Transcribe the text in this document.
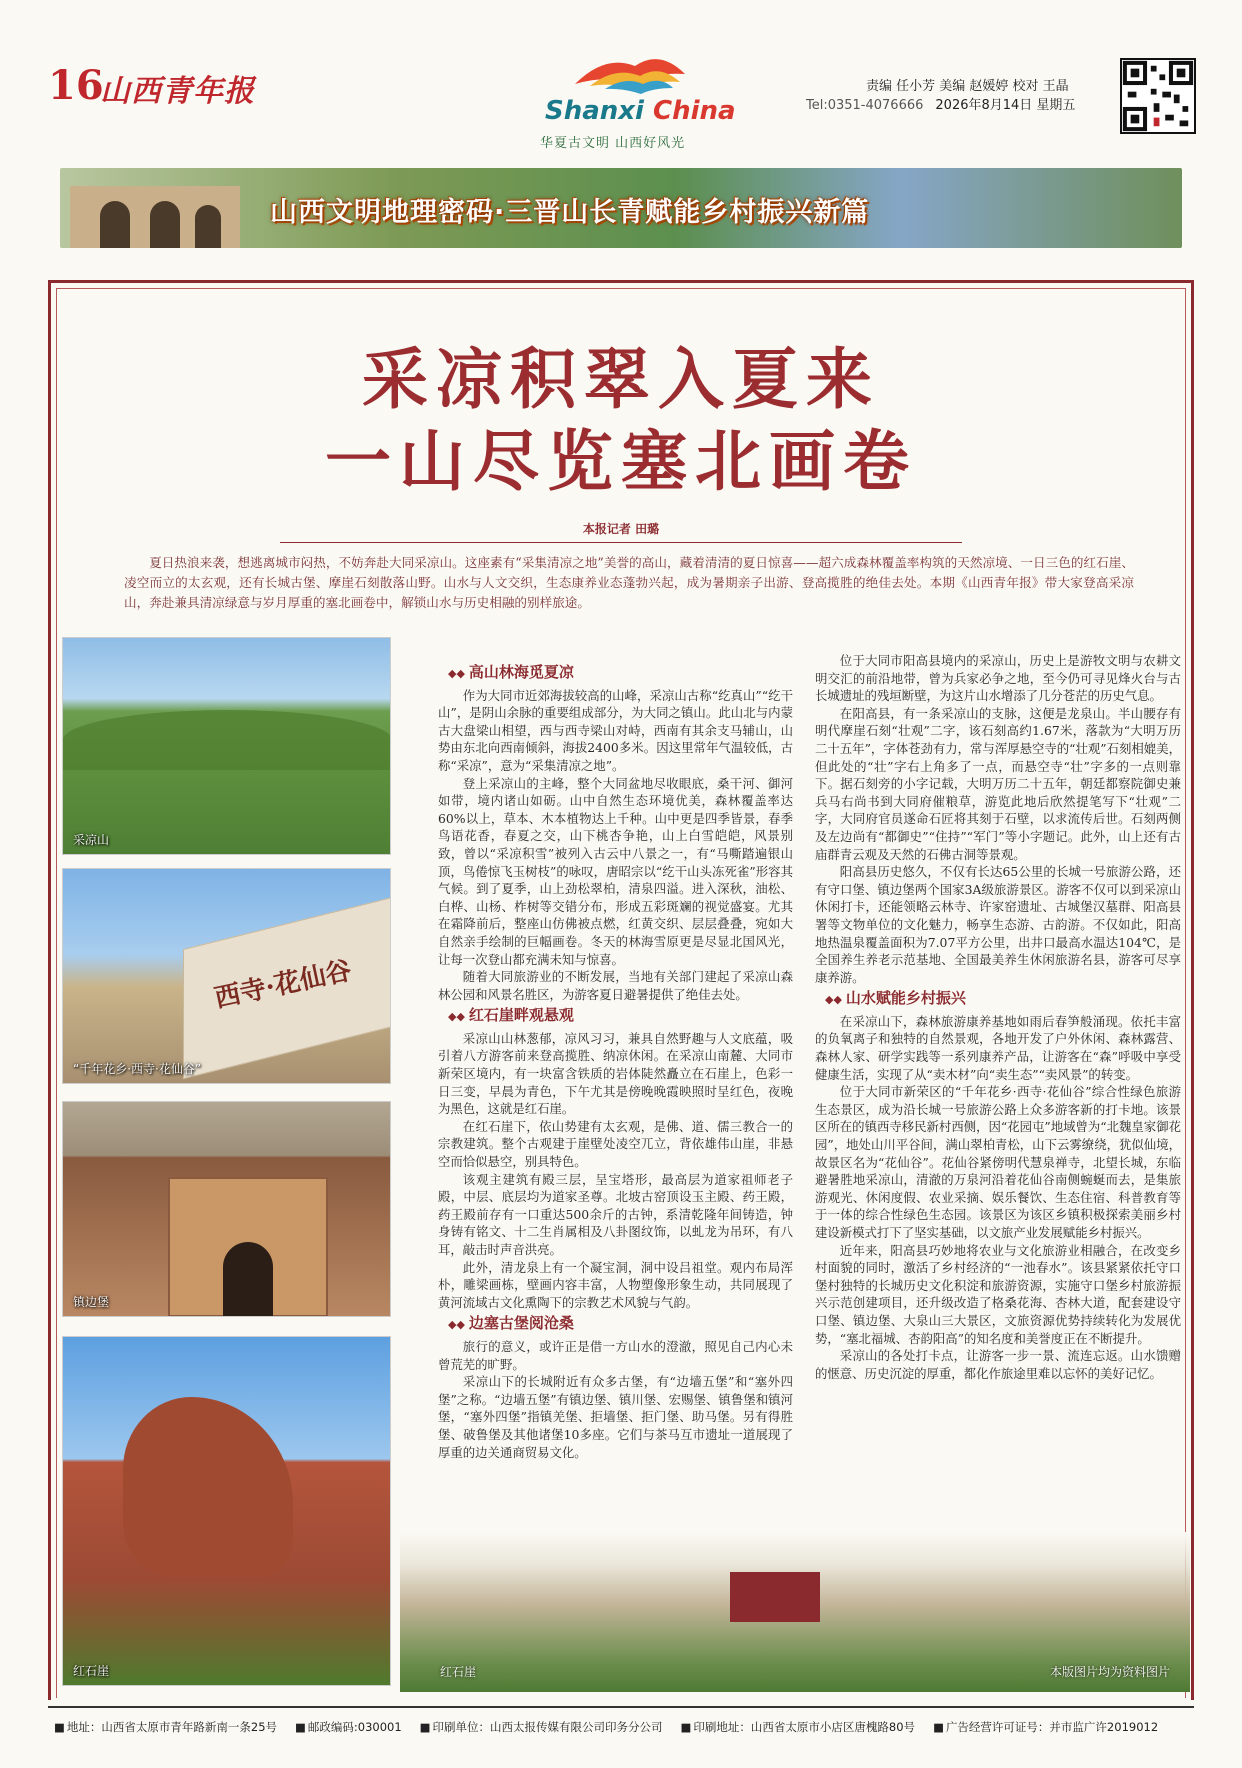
16
山西青年报
Shanxi China
华夏古文明 山西好风光
责编 任小芳 美编 赵媛婷 校对 王晶
Tel:0351-4076666 2026年8月14日 星期五
山西文明地理密码·三晋山长青赋能乡村振兴新篇
采凉积翠入夏来
一山尽览塞北画卷
本报记者 田璐
夏日热浪来袭，想逃离城市闷热，不妨奔赴大同采凉山。这座素有“采集清凉之地”美誉的高山，藏着清清的夏日惊喜——超六成森林覆盖率构筑的天然凉境、一日三色的红石崖、凌空而立的太玄观，还有长城古堡、摩崖石刻散落山野。山水与人文交织，生态康养业态蓬勃兴起，成为暑期亲子出游、登高揽胜的绝佳去处。本期《山西青年报》带大家登高采凉山，奔赴兼具清凉绿意与岁月厚重的塞北画卷中，解锁山水与历史相融的别样旅途。
采凉山
西寺·花仙谷
“千年花乡·西寺·花仙谷”
镇边堡
红石崖
◆◆ 高山林海觅夏凉

作为大同市近郊海拔较高的山峰，采凉山古称“纥真山”“纥干山”，是阴山余脉的重要组成部分，为大同之镇山。此山北与内蒙古大盘梁山相望，西与西寺梁山对峙，西南有其余支马辅山，山势由东北向西南倾斜，海拔2400多米。因这里常年气温较低，古称“采凉”，意为“采集清凉之地”。

登上采凉山的主峰，整个大同盆地尽收眼底，桑干河、御河如带，境内诸山如砺。山中自然生态环境优美，森林覆盖率达60%以上，草本、木本植物达上千种。山中更是四季皆景，春季鸟语花香，春夏之交，山下桃杏争艳，山上白雪皑皑，风景别致，曾以“采凉积雪”被列入古云中八景之一，有“马嘶踏遍银山顶，鸟倦惊飞玉树枝”的咏叹，唐昭宗以“纥干山头冻死雀”形容其气候。到了夏季，山上劲松翠柏，清泉四溢。进入深秋，油松、白桦、山杨、柞树等交错分布，形成五彩斑斓的视觉盛宴。尤其在霜降前后，整座山仿佛被点燃，红黄交织、层层叠叠，宛如大自然亲手绘制的巨幅画卷。冬天的林海雪原更是尽显北国风光，让每一次登山都充满未知与惊喜。

随着大同旅游业的不断发展，当地有关部门建起了采凉山森林公园和风景名胜区，为游客夏日避暑提供了绝佳去处。

◆◆ 红石崖畔观悬观

采凉山山林葱郁，凉风习习，兼具自然野趣与人文底蕴，吸引着八方游客前来登高揽胜、纳凉休闲。在采凉山南麓、大同市新荣区境内，有一块富含铁质的岩体陡然矗立在石崖上，色彩一日三变，早晨为青色，下午尤其是傍晚晚霞映照时呈红色，夜晚为黑色，这就是红石崖。

在红石崖下，依山势建有太玄观，是佛、道、儒三教合一的宗教建筑。整个古观建于崖壁处凌空兀立，背依雄伟山崖，非悬空而恰似悬空，别具特色。

该观主建筑有殿三层，呈宝塔形，最高层为道家祖师老子殿，中层、底层均为道家圣尊。北坡古窑顶设玉主殿、药王殿，药王殿前存有一口重达500余斤的古钟，系清乾隆年间铸造，钟身铸有铭文、十二生肖属相及八卦图纹饰，以虬龙为吊环，有八耳，敲击时声音洪亮。

此外，清龙泉上有一个凝宝洞，洞中设吕祖堂。观内布局浑朴，雕梁画栋，壁画内容丰富，人物塑像形象生动，共同展现了黄河流域古文化熏陶下的宗教艺术风貌与气韵。

◆◆ 边塞古堡阅沧桑

旅行的意义，或许正是借一方山水的澄澈，照见自己内心未曾荒芜的旷野。

采凉山下的长城附近有众多古堡，有“边墙五堡”和“塞外四堡”之称。“边墙五堡”有镇边堡、镇川堡、宏赐堡、镇鲁堡和镇河堡，“塞外四堡”指镇羌堡、拒墙堡、拒门堡、助马堡。另有得胜堡、破鲁堡及其他诸堡10多座。它们与茶马互市遗址一道展现了厚重的边关通商贸易文化。

位于大同市阳高县境内的采凉山，历史上是游牧文明与农耕文明交汇的前沿地带，曾为兵家必争之地，至今仍可寻见烽火台与古长城遗址的残垣断壁，为这片山水增添了几分苍茫的历史气息。

在阳高县，有一条采凉山的支脉，这便是龙泉山。半山腰存有明代摩崖石刻“壮观”二字，该石刻高约1.67米，落款为“大明万历二十五年”，字体苍劲有力，常与浑厚悬空寺的“壮观”石刻相媲美，但此处的“壮”字右上角多了一点，而悬空寺“壮”字多的一点则靠下。据石刻旁的小字记载，大明万历二十五年，朝廷都察院御史兼兵马右尚书到大同府催粮草，游览此地后欣然提笔写下“壮观”二字，大同府官员遂命石匠将其刻于石壁，以求流传后世。石刻两侧及左边尚有“都御史”“住持”“军门”等小字题记。此外，山上还有古庙群青云观及天然的石佛古洞等景观。

阳高县历史悠久，不仅有长达65公里的长城一号旅游公路，还有守口堡、镇边堡两个国家3A级旅游景区。游客不仅可以到采凉山休闲打卡，还能领略云林寺、许家窑遗址、古城堡汉墓群、阳高县署等文物单位的文化魅力，畅享生态游、古韵游。不仅如此，阳高地热温泉覆盖面积为7.07平方公里，出井口最高水温达104℃，是全国养生养老示范基地、全国最美养生休闲旅游名县，游客可尽享康养游。

◆◆ 山水赋能乡村振兴

在采凉山下，森林旅游康养基地如雨后春笋般涌现。依托丰富的负氧离子和独特的自然景观，各地开发了户外休闲、森林露营、森林人家、研学实践等一系列康养产品，让游客在“森”呼吸中享受健康生活，实现了从“卖木材”向“卖生态”“卖风景”的转变。

位于大同市新荣区的“千年花乡·西寺·花仙谷”综合性绿色旅游生态景区，成为沿长城一号旅游公路上众多游客新的打卡地。该景区所在的镇西寺移民新村西侧，因“花园屯”地域曾为“北魏皇家御花园”，地处山川平谷间，满山翠柏青松，山下云雾缭绕，犹似仙境，故景区名为“花仙谷”。花仙谷紧傍明代慧泉禅寺，北望长城，东临避暑胜地采凉山，清澈的万泉河沿着花仙谷南侧蜿蜒而去，是集旅游观光、休闲度假、农业采摘、娱乐餐饮、生态住宿、科普教育等于一体的综合性绿色生态园。该景区为该区乡镇积极探索美丽乡村建设新模式打下了坚实基础，以文旅产业发展赋能乡村振兴。

近年来，阳高县巧妙地将农业与文化旅游业相融合，在改变乡村面貌的同时，激活了乡村经济的“一池春水”。该县紧紧依托守口堡村独特的长城历史文化积淀和旅游资源，实施守口堡乡村旅游振兴示范创建项目，还升级改造了格桑花海、杏林大道，配套建设守口堡、镇边堡、大泉山三大景区，文旅资源优势持续转化为发展优势，“塞北福城、杏韵阳高”的知名度和美誉度正在不断提升。

采凉山的各处打卡点，让游客一步一景、流连忘返。山水馈赠的惬意、历史沉淀的厚重，都化作旅途里难以忘怀的美好记忆。

红石崖	本版图片均为资料图片
■ 地址：山西省太原市青年路新南一条25号	■ 邮政编码:030001	■ 印刷单位：山西太报传媒有限公司印务分公司	■ 印刷地址：山西省太原市小店区唐槐路80号	■ 广告经营许可证号：并市监广许2019012
